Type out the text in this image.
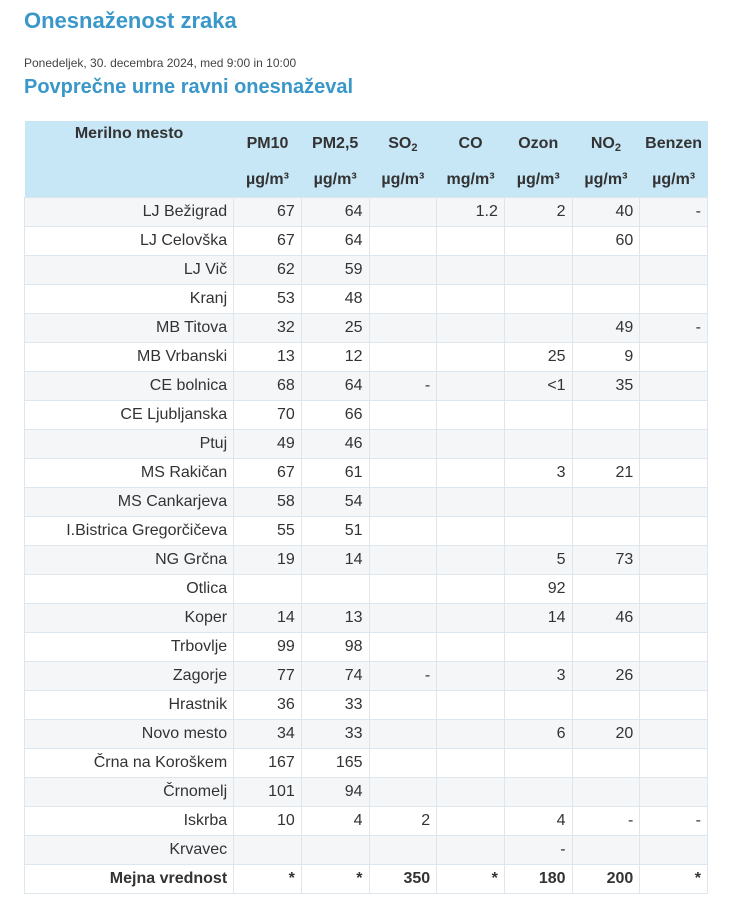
Onesnaženost zraka
Ponedeljek, 30. decembra 2024, med 9:00 in 10:00
Povprečne urne ravni onesnaževal
Merilno mesto	PM10	PM2,5	$SO_2$	CO	Ozon	$NO_2$	Benzen
	µg/m³	µg/m³	µg/m³	mg/m³	µg/m³	µg/m³	µg/m³
LJ Bežigrad	67	64		1.2	2	40	-
LJ Celovška	67	64				60	
LJ Vič	62	59					
Kranj	53	48					
MB Titova	32	25				49	-
MB Vrbanski	13	12			25	9	
CE bolnica	68	64	-		<1	35	
CE Ljubljanska	70	66					
Ptuj	49	46					
MS Rakičan	67	61			3	21	
MS Cankarjeva	58	54					
I.Bistrica Gregorčičeva	55	51					
NG Grčna	19	14			5	73	
Otlica					92		
Koper	14	13			14	46	
Trbovlje	99	98					
Zagorje	77	74	-		3	26	
Hrastnik	36	33					
Novo mesto	34	33			6	20	
Črna na Koroškem	167	165					
Črnomelj	101	94					
Iskrba	10	4	2		4	-	-
Krvavec					-		
Mejna vrednost	*	*	350	*	180	200	*
